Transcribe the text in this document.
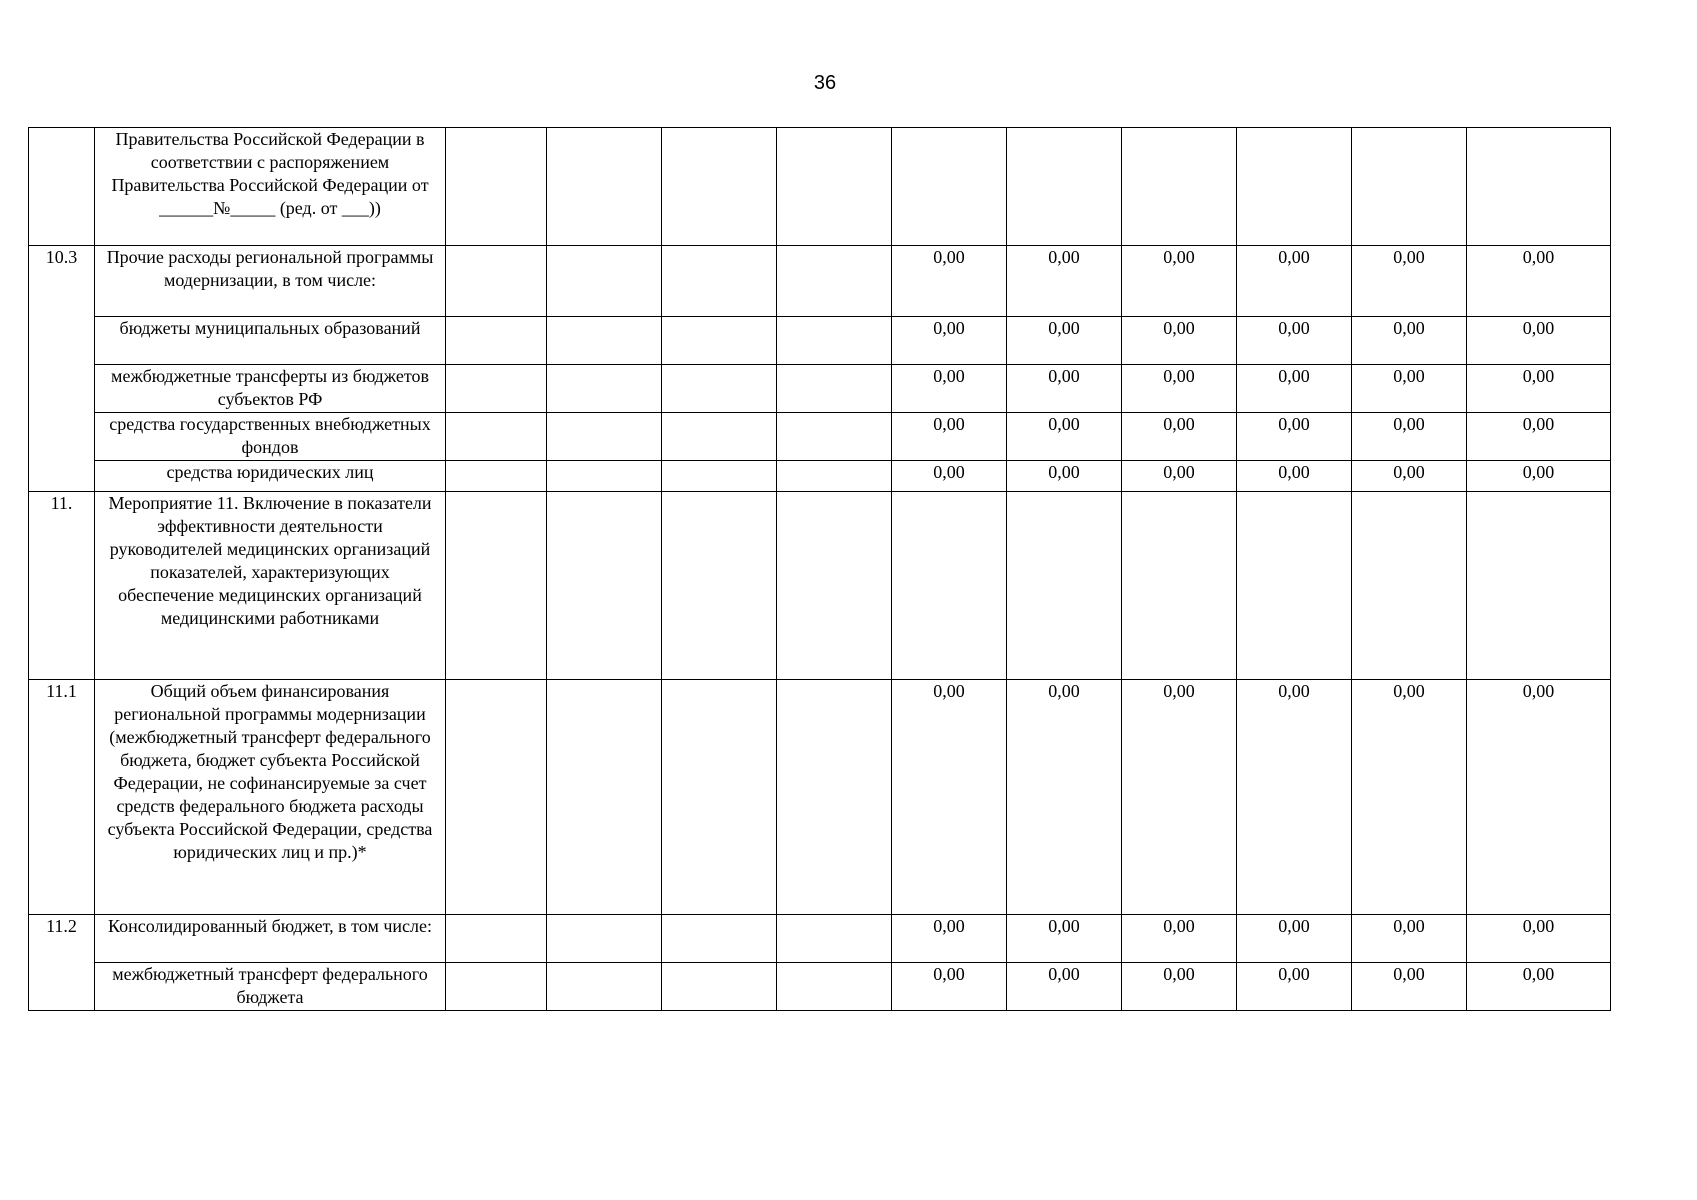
36
	Правительства Российской Федерации в соответствии с распоряжением Правительства Российской Федерации от ______№_____ (ред. от ___))										
10.3	Прочие расходы региональной программы модернизации, в том числе:					0,00	0,00	0,00	0,00	0,00	0,00
	бюджеты муниципальных образований					0,00	0,00	0,00	0,00	0,00	0,00
	межбюджетные трансферты из бюджетов субъектов РФ					0,00	0,00	0,00	0,00	0,00	0,00
	средства государственных внебюджетных фондов					0,00	0,00	0,00	0,00	0,00	0,00
	средства юридических лиц					0,00	0,00	0,00	0,00	0,00	0,00
11.	Мероприятие 11. Включение в показатели эффективности деятельности руководителей медицинских организаций показателей, характеризующих обеспечение медицинских организаций медицинскими работниками										
11.1	Общий объем финансирования региональной программы модернизации (межбюджетный трансферт федерального бюджета, бюджет субъекта Российской Федерации, не софинансируемые за счет средств федерального бюджета расходы субъекта Российской Федерации, средства юридических лиц и пр.)*					0,00	0,00	0,00	0,00	0,00	0,00
11.2	Консолидированный бюджет, в том числе:					0,00	0,00	0,00	0,00	0,00	0,00
	межбюджетный трансферт федерального бюджета					0,00	0,00	0,00	0,00	0,00	0,00
